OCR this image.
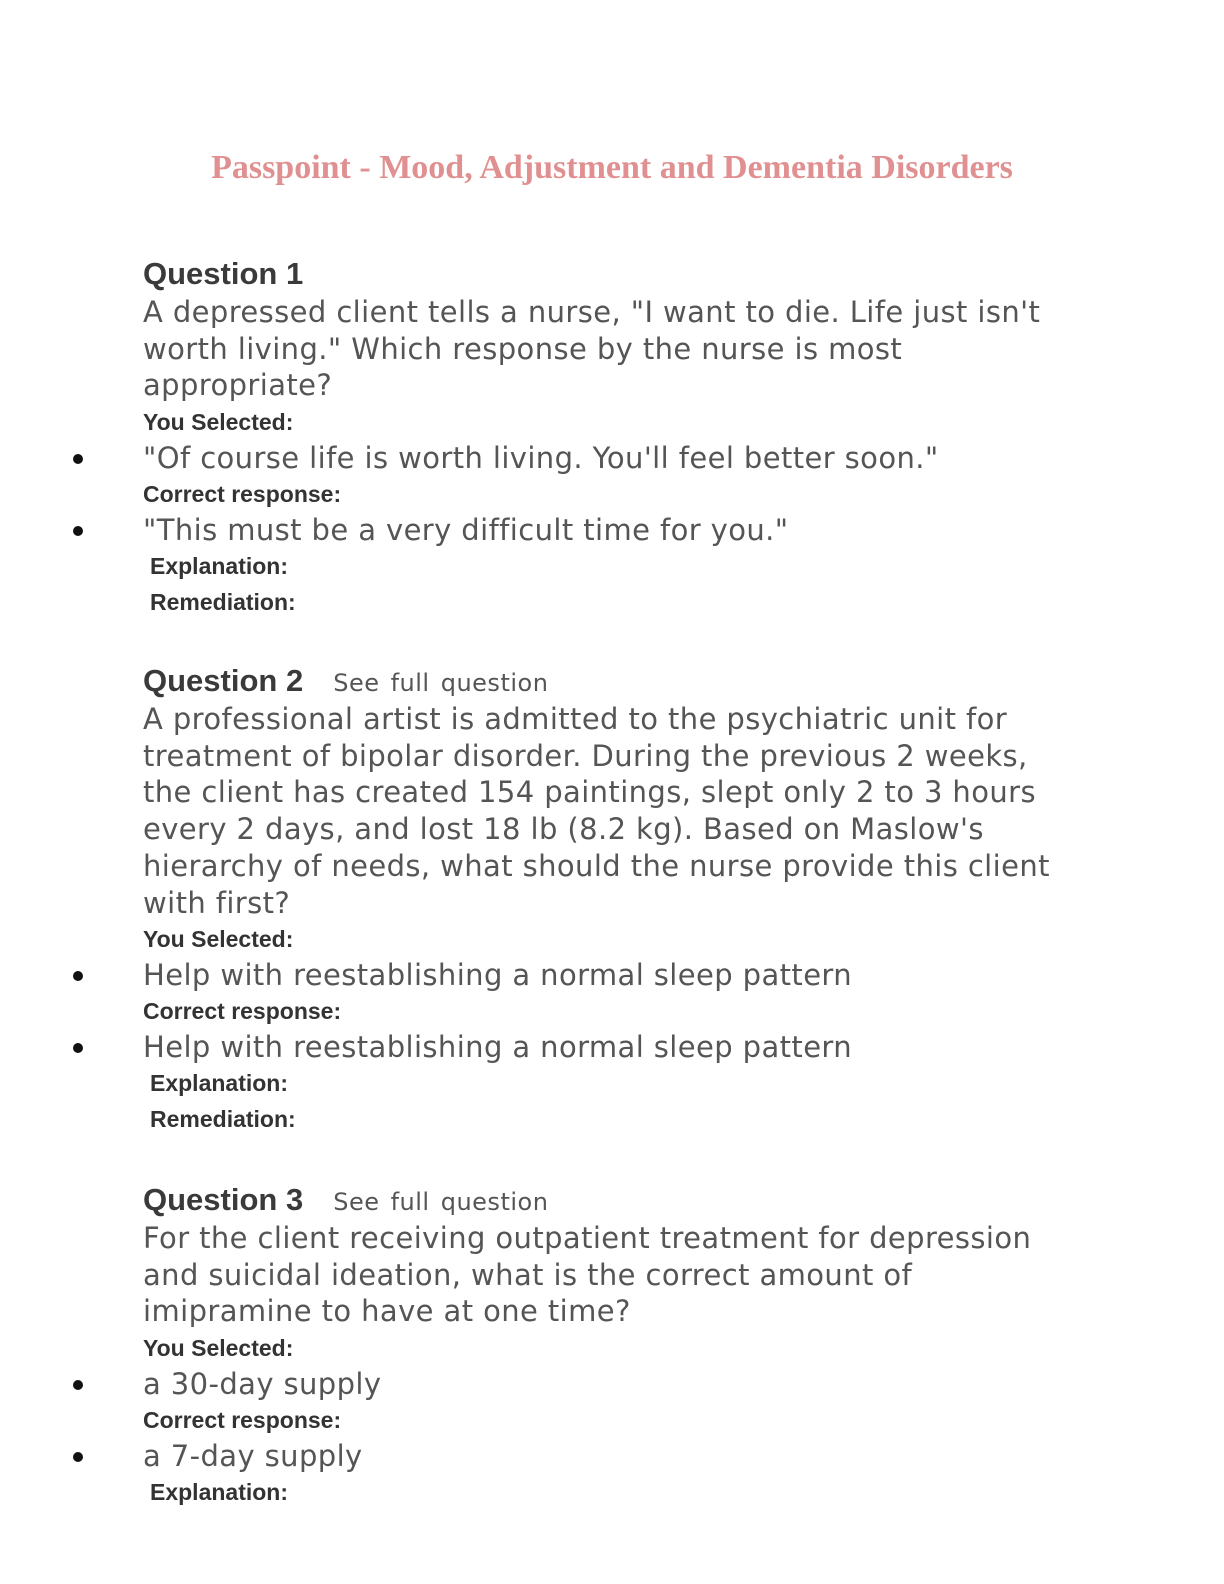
Passpoint - Mood, Adjustment and Dementia Disorders
Question 1

A depressed client tells a nurse, "I want to die. Life just isn't worth living." Which response by the nurse is most appropriate?

You Selected:
"Of course life is worth living. You'll feel better soon."
Correct response:
"This must be a very difficult time for you."
Explanation:
Remediation:
Question 2 See full question

A professional artist is admitted to the psychiatric unit for treatment of bipolar disorder. During the previous 2 weeks, the client has created 154 paintings, slept only 2 to 3 hours every 2 days, and lost 18 lb (8.2 kg). Based on Maslow's hierarchy of needs, what should the nurse provide this client with first?

You Selected:
Help with reestablishing a normal sleep pattern
Correct response:
Help with reestablishing a normal sleep pattern
Explanation:
Remediation:
Question 3 See full question

For the client receiving outpatient treatment for depression and suicidal ideation, what is the correct amount of imipramine to have at one time?

You Selected:
a 30-day supply
Correct response:
a 7-day supply
Explanation:
